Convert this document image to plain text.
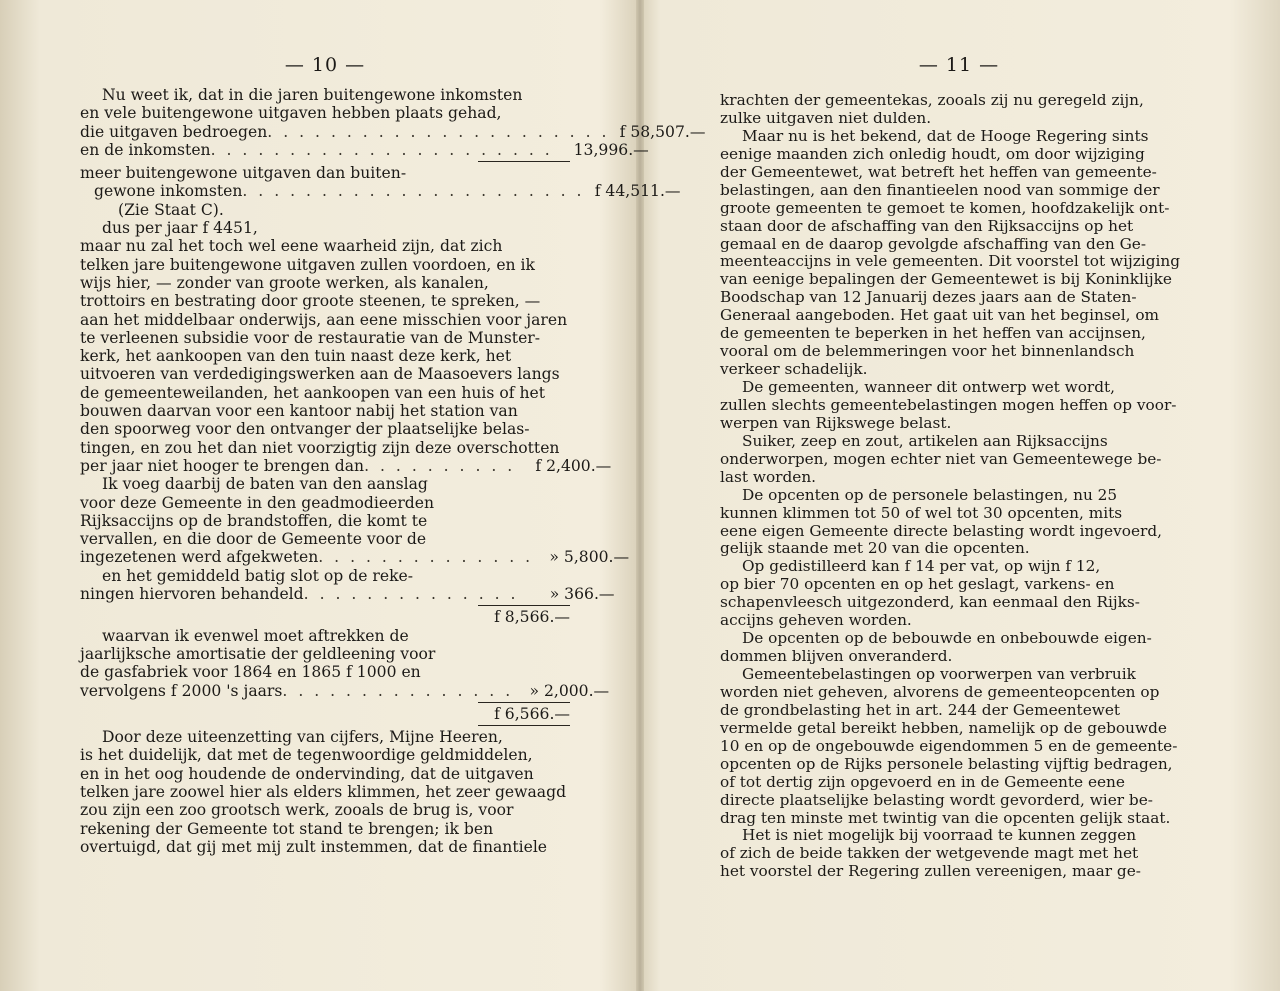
— 10 —
Nu weet ik, dat in die jaren buitengewone inkomsten
en vele buitengewone uitgaven hebben plaats gehad,
die uitgaven bedroegen . . . . . . . . . . . . . . . . . . . . . . f 58,507.—
en de inkomsten . . . . . . . . . . . . . . . . . . . . . .	13,996.—
meer buitengewone uitgaven dan buiten-
gewone inkomsten . . . . . . . . . . . . . . . . . . . . . . f 44,511.—
(Zie Staat C).
dus per jaar f 4451,
maar nu zal het toch wel eene waarheid zijn, dat zich
telken jare buitengewone uitgaven zullen voordoen, en ik
wijs hier, — zonder van groote werken, als kanalen,
trottoirs en bestrating door groote steenen, te spreken, —
aan het middelbaar onderwijs, aan eene misschien voor jaren
te verleenen subsidie voor de restauratie van de Munster-
kerk, het aankoopen van den tuin naast deze kerk, het
uitvoeren van verdedigingswerken aan de Maasoevers langs
de gemeenteweilanden, het aankoopen van een huis of het
bouwen daarvan voor een kantoor nabij het station van
den spoorweg voor den ontvanger der plaatselijke belas-
tingen, en zou het dan niet voorzigtig zijn deze overschotten
per jaar niet hooger te brengen dan . . . . . . . . . .	f 2,400.—
Ik voeg daarbij de baten van den aanslag
voor deze Gemeente in den geadmodieerden
Rijksaccijns op de brandstoffen, die komt te
vervallen, en die door de Gemeente voor de
ingezetenen werd afgekweten . . . . . . . . . . . . . .	» 5,800.—
en het gemiddeld batig slot op de reke-
ningen hiervoren behandeld . . . . . . . . . . . . . .	» 366.—
f 8,566.—
waarvan ik evenwel moet aftrekken de
jaarlijksche amortisatie der geldleening voor
de gasfabriek voor 1864 en 1865 f 1000 en
vervolgens f 2000 's jaars . . . . . . . . . . . . . . .	» 2,000.—
f 6,566.—
Door deze uiteenzetting van cijfers, Mijne Heeren,
is het duidelijk, dat met de tegenwoordige geldmiddelen,
en in het oog houdende de ondervinding, dat de uitgaven
telken jare zoowel hier als elders klimmen, het zeer gewaagd
zou zijn een zoo grootsch werk, zooals de brug is, voor
rekening der Gemeente tot stand te brengen; ik ben
overtuigd, dat gij met mij zult instemmen, dat de finantiele
— 11 —
krachten der gemeentekas, zooals zij nu geregeld zijn,
zulke uitgaven niet dulden.
Maar nu is het bekend, dat de Hooge Regering sints
eenige maanden zich onledig houdt, om door wijziging
der Gemeentewet, wat betreft het heffen van gemeente-
belastingen, aan den finantieelen nood van sommige der
groote gemeenten te gemoet te komen, hoofdzakelijk ont-
staan door de afschaffing van den Rijksaccijns op het
gemaal en de daarop gevolgde afschaffing van den Ge-
meenteaccijns in vele gemeenten. Dit voorstel tot wijziging
van eenige bepalingen der Gemeentewet is bij Koninklijke
Boodschap van 12 Januarij dezes jaars aan de Staten-
Generaal aangeboden. Het gaat uit van het beginsel, om
de gemeenten te beperken in het heffen van accijnsen,
vooral om de belemmeringen voor het binnenlandsch
verkeer schadelijk.
De gemeenten, wanneer dit ontwerp wet wordt,
zullen slechts gemeentebelastingen mogen heffen op voor-
werpen van Rijkswege belast.
Suiker, zeep en zout, artikelen aan Rijksaccijns
onderworpen, mogen echter niet van Gemeentewege be-
last worden.
De opcenten op de personele belastingen, nu 25
kunnen klimmen tot 50 of wel tot 30 opcenten, mits
eene eigen Gemeente directe belasting wordt ingevoerd,
gelijk staande met 20 van die opcenten.
Op gedistilleerd kan f 14 per vat, op wijn f 12,
op bier 70 opcenten en op het geslagt, varkens- en
schapenvleesch uitgezonderd, kan eenmaal den Rijks-
accijns geheven worden.
De opcenten op de bebouwde en onbebouwde eigen-
dommen blijven onveranderd.
Gemeentebelastingen op voorwerpen van verbruik
worden niet geheven, alvorens de gemeenteopcenten op
de grondbelasting het in art. 244 der Gemeentewet
vermelde getal bereikt hebben, namelijk op de gebouwde
10 en op de ongebouwde eigendommen 5 en de gemeente-
opcenten op de Rijks personele belasting vijftig bedragen,
of tot dertig zijn opgevoerd en in de Gemeente eene
directe plaatselijke belasting wordt gevorderd, wier be-
drag ten minste met twintig van die opcenten gelijk staat.
Het is niet mogelijk bij voorraad te kunnen zeggen
of zich de beide takken der wetgevende magt met het
het voorstel der Regering zullen vereenigen, maar ge-
